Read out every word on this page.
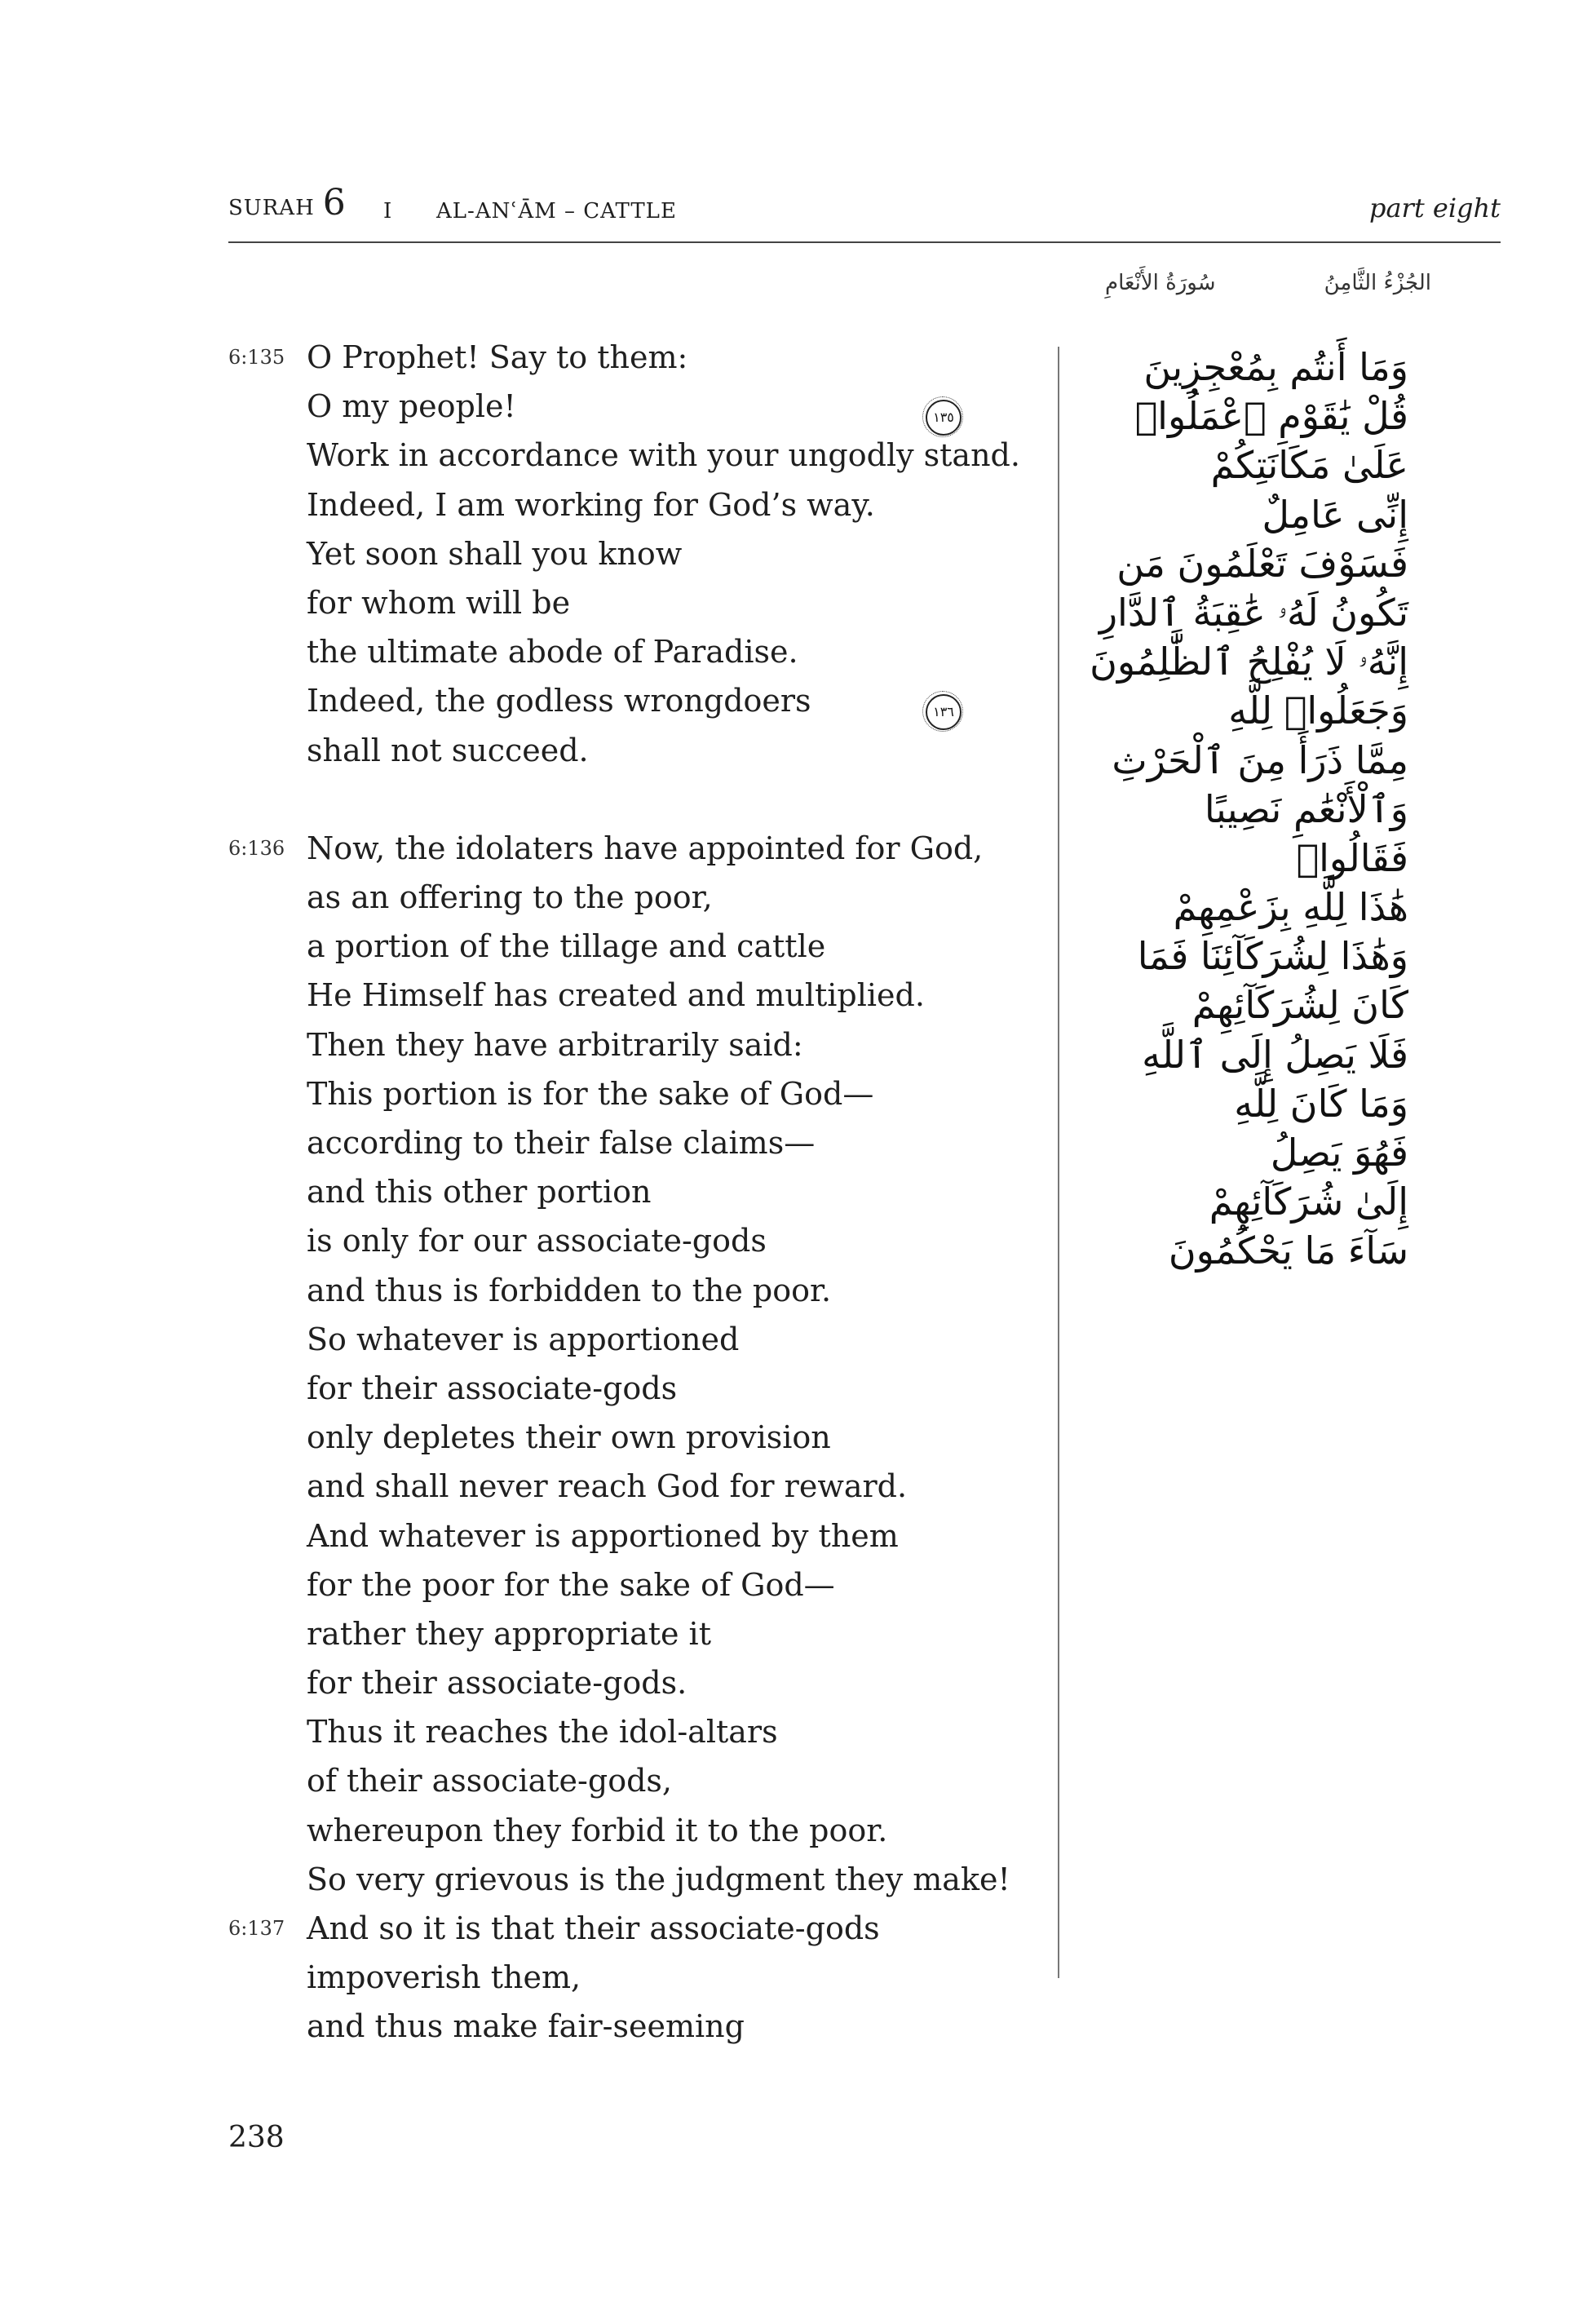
SURAH 6 I AL-ANʿĀM – CATTLE	part eight
الجُزْءُ الثَّامِنُ
سُورَةُ الأَنْعَامِ
6:135 O Prophet! Say to them:
O my people!
Work in accordance with your ungodly stand.
Indeed, I am working for God’s way.
Yet soon shall you know
for whom will be
the ultimate abode of Paradise.
Indeed, the godless wrongdoers
shall not succeed.
6:136 Now, the idolaters have appointed for God,
as an offering to the poor,
a portion of the tillage and cattle
He Himself has created and multiplied.
Then they have arbitrarily said:
This portion is for the sake of God—
according to their false claims—
and this other portion
is only for our associate-gods
and thus is forbidden to the poor.
So whatever is apportioned
for their associate-gods
only depletes their own provision
and shall never reach God for reward.
And whatever is apportioned by them
for the poor for the sake of God—
rather they appropriate it
for their associate-gods.
Thus it reaches the idol-altars
of their associate-gods,
whereupon they forbid it to the poor.
So very grievous is the judgment they make!
6:137 And so it is that their associate-gods
impoverish them,
and thus make fair-seeming
وَمَا أَنتُم بِمُعْجِزِينَ
قُلْ يَٰقَوْمِ ٱعْمَلُوا۟
١٣٥
عَلَىٰ مَكَانَتِكُمْ
إِنِّى عَامِلٌ
فَسَوْفَ تَعْلَمُونَ مَن
تَكُونُ لَهُۥ عَٰقِبَةُ ٱلدَّارِ
إِنَّهُۥ لَا يُفْلِحُ ٱلظَّٰلِمُونَ
وَجَعَلُوا۟ لِلَّهِ
١٣٦
مِمَّا ذَرَأَ مِنَ ٱلْحَرْثِ
وَٱلْأَنْعَٰمِ نَصِيبًا
فَقَالُوا۟
هَٰذَا لِلَّهِ بِزَعْمِهِمْ
وَهَٰذَا لِشُرَكَآئِنَا فَمَا
كَانَ لِشُرَكَآئِهِمْ
فَلَا يَصِلُ إِلَى ٱللَّهِ
وَمَا كَانَ لِلَّهِ
فَهُوَ يَصِلُ
إِلَىٰ شُرَكَآئِهِمْ
سَآءَ مَا يَحْكُمُونَ
238
